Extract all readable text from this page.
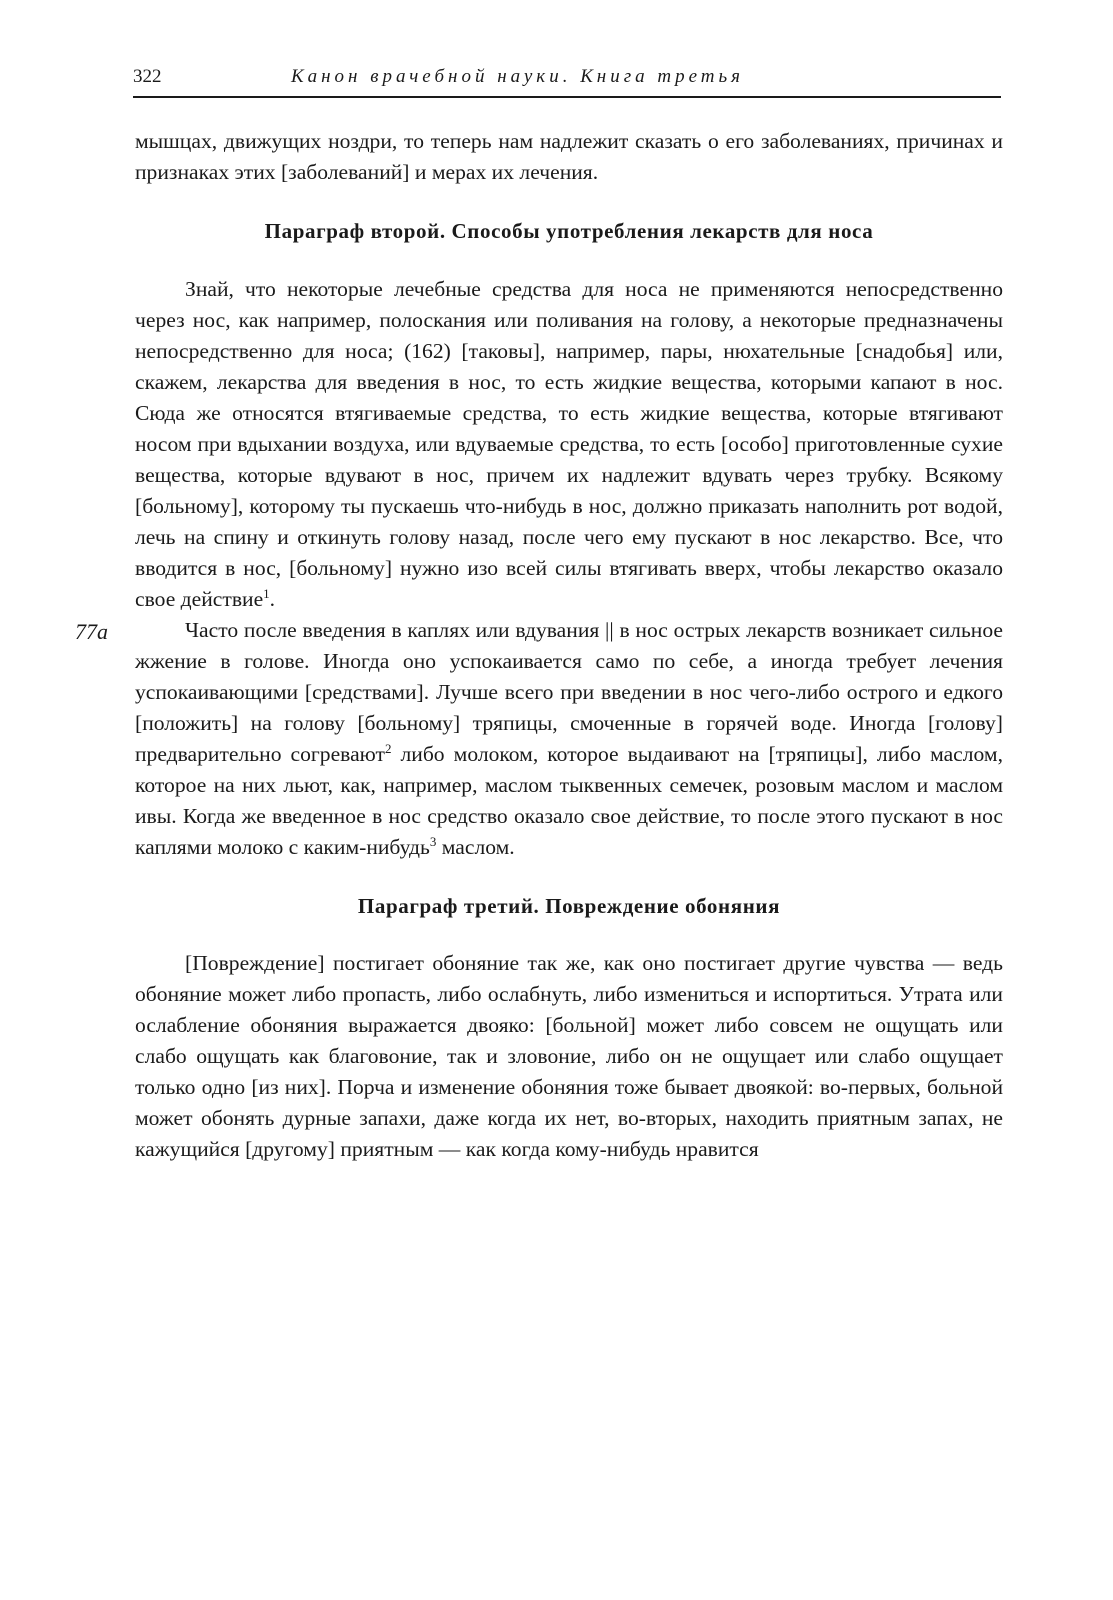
322	Канон врачебной науки. Книга третья

мышцах, движущих ноздри, то теперь нам надлежит сказать о его заболеваниях, причинах и признаках этих [заболеваний] и мерах их лечения.

Параграф второй. Способы употребления лекарств для носа

Знай, что некоторые лечебные средства для носа не применяются непосредственно через нос, как например, полоскания или поливания на голову, а некоторые предназначены непосредственно для носа; (162) [таковы], например, пары, нюхательные [снадобья] или, скажем, лекарства для введения в нос, то есть жидкие вещества, которыми капают в нос. Сюда же относятся втягиваемые средства, то есть жидкие вещества, которые втягивают носом при вдыхании воздуха, или вдуваемые средства, то есть [особо] приготовленные сухие вещества, которые вдувают в нос, причем их надлежит вдувать через трубку. Всякому [больному], которому ты пускаешь что-нибудь в нос, должно приказать наполнить рот водой, лечь на спину и откинуть голову назад, после чего ему пускают в нос лекарство. Все, что вводится в нос, [больному] нужно изо всей силы втягивать вверх, чтобы лекарство оказало свое действие$^1$.

77a	Часто после введения в каплях или вдувания || в нос острых лекарств возникает сильное жжение в голове. Иногда оно успокаивается само по себе, а иногда требует лечения успокаивающими [средствами]. Лучше всего при введении в нос чего-либо острого и едкого [положить] на голову [больному] тряпицы, смоченные в горячей воде. Иногда [голову] предварительно согревают$^2$ либо молоком, которое выдаивают на [тряпицы], либо маслом, которое на них льют, как, например, маслом тыквенных семечек, розовым маслом и маслом ивы. Когда же введенное в нос средство оказало свое действие, то после этого пускают в нос каплями молоко с каким-нибудь$^3$ маслом.

Параграф третий. Повреждение обоняния

[Повреждение] постигает обоняние так же, как оно постигает другие чувства — ведь обоняние может либо пропасть, либо ослабнуть, либо измениться и испортиться. Утрата или ослабление обоняния выражается двояко: [больной] может либо совсем не ощущать или слабо ощущать как благовоние, так и зловоние, либо он не ощущает или слабо ощущает только одно [из них]. Порча и изменение обоняния тоже бывает двоякой: во-первых, больной может обонять дурные запахи, даже когда их нет, во-вторых, находить приятным запах, не кажущийся [другому] приятным — как когда кому-нибудь нравится
